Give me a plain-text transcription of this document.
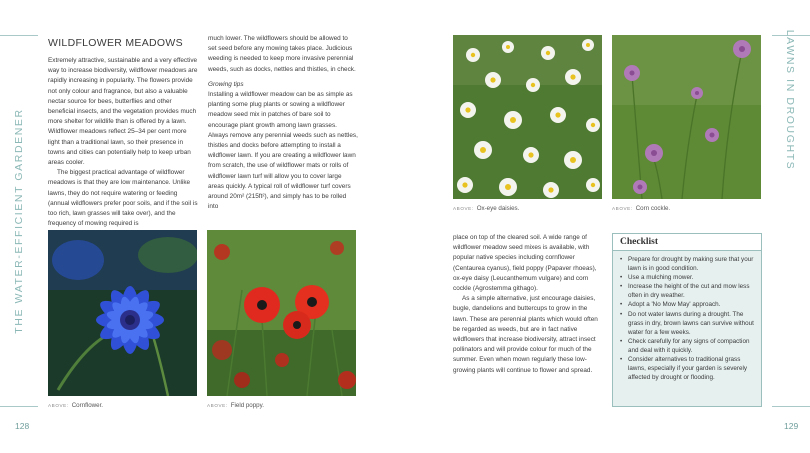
THE WATER-EFFICIENT GARDENER
128
WILDFLOWER MEADOWS

Extremely attractive, sustainable and a very effective way to increase biodiversity, wildflower meadows are rapidly increasing in popularity. The flowers provide not only colour and fragrance, but also a valuable nectar source for bees, butterflies and other beneficial insects, and the vegetation provides much more shelter for wildlife than is offered by a lawn. Wildflower meadows reflect 25–34 per cent more light than a traditional lawn, so their presence in towns and cities can potentially help to keep urban areas cooler.

The biggest practical advantage of wildflower meadows is that they are low maintenance. Unlike lawns, they do not require watering or feeding (annual wildflowers prefer poor soils, and if the soil is too rich, lawn grasses will take over), and the frequency of mowing required is

much lower. The wildflowers should be allowed to set seed before any mowing takes place. Judicious weeding is needed to keep more invasive perennial weeds, such as docks, nettles and thistles, in check.

Growing tips

Installing a wildflower meadow can be as simple as planting some plug plants or sowing a wildflower meadow seed mix in patches of bare soil to encourage plant growth among lawn grasses. Always remove any perennial weeds such as nettles, thistles and docks before attempting to install a wildflower lawn. If you are creating a wildflower lawn from scratch, the use of wildflower mats or rolls of wildflower lawn turf will allow you to cover large areas quickly. A typical roll of wildflower turf covers around 20m² (215ft²), and simply has to be rolled into

ABOVE: Cornflower.	ABOVE: Field poppy.
LAWNS IN DROUGHTS
129
ABOVE: Ox-eye daisies.	ABOVE: Corn cockle.

place on top of the cleared soil. A wide range of wildflower meadow seed mixes is available, with popular native species including cornflower (Centaurea cyanus), field poppy (Papaver rhoeas), ox-eye daisy (Leucanthemum vulgare) and corn cockle (Agrostemma githago).

As a simple alternative, just encourage daisies, bugle, dandelions and buttercups to grow in the lawn. These are perennial plants which would often be regarded as weeds, but are in fact native wildflowers that increase biodiversity, attract insect pollinators and will provide colour for much of the summer. Even when mown regularly these low-growing plants will continue to flower and spread.

Checklist
• Prepare for drought by making sure that your lawn is in good condition.
• Use a mulching mower.
• Increase the height of the cut and mow less often in dry weather.
• Adopt a 'No Mow May' approach.
• Do not water lawns during a drought. The grass in dry, brown lawns can survive without water for a few weeks.
• Check carefully for any signs of compaction and deal with it quickly.
• Consider alternatives to traditional grass lawns, especially if your garden is severely affected by drought or flooding.
